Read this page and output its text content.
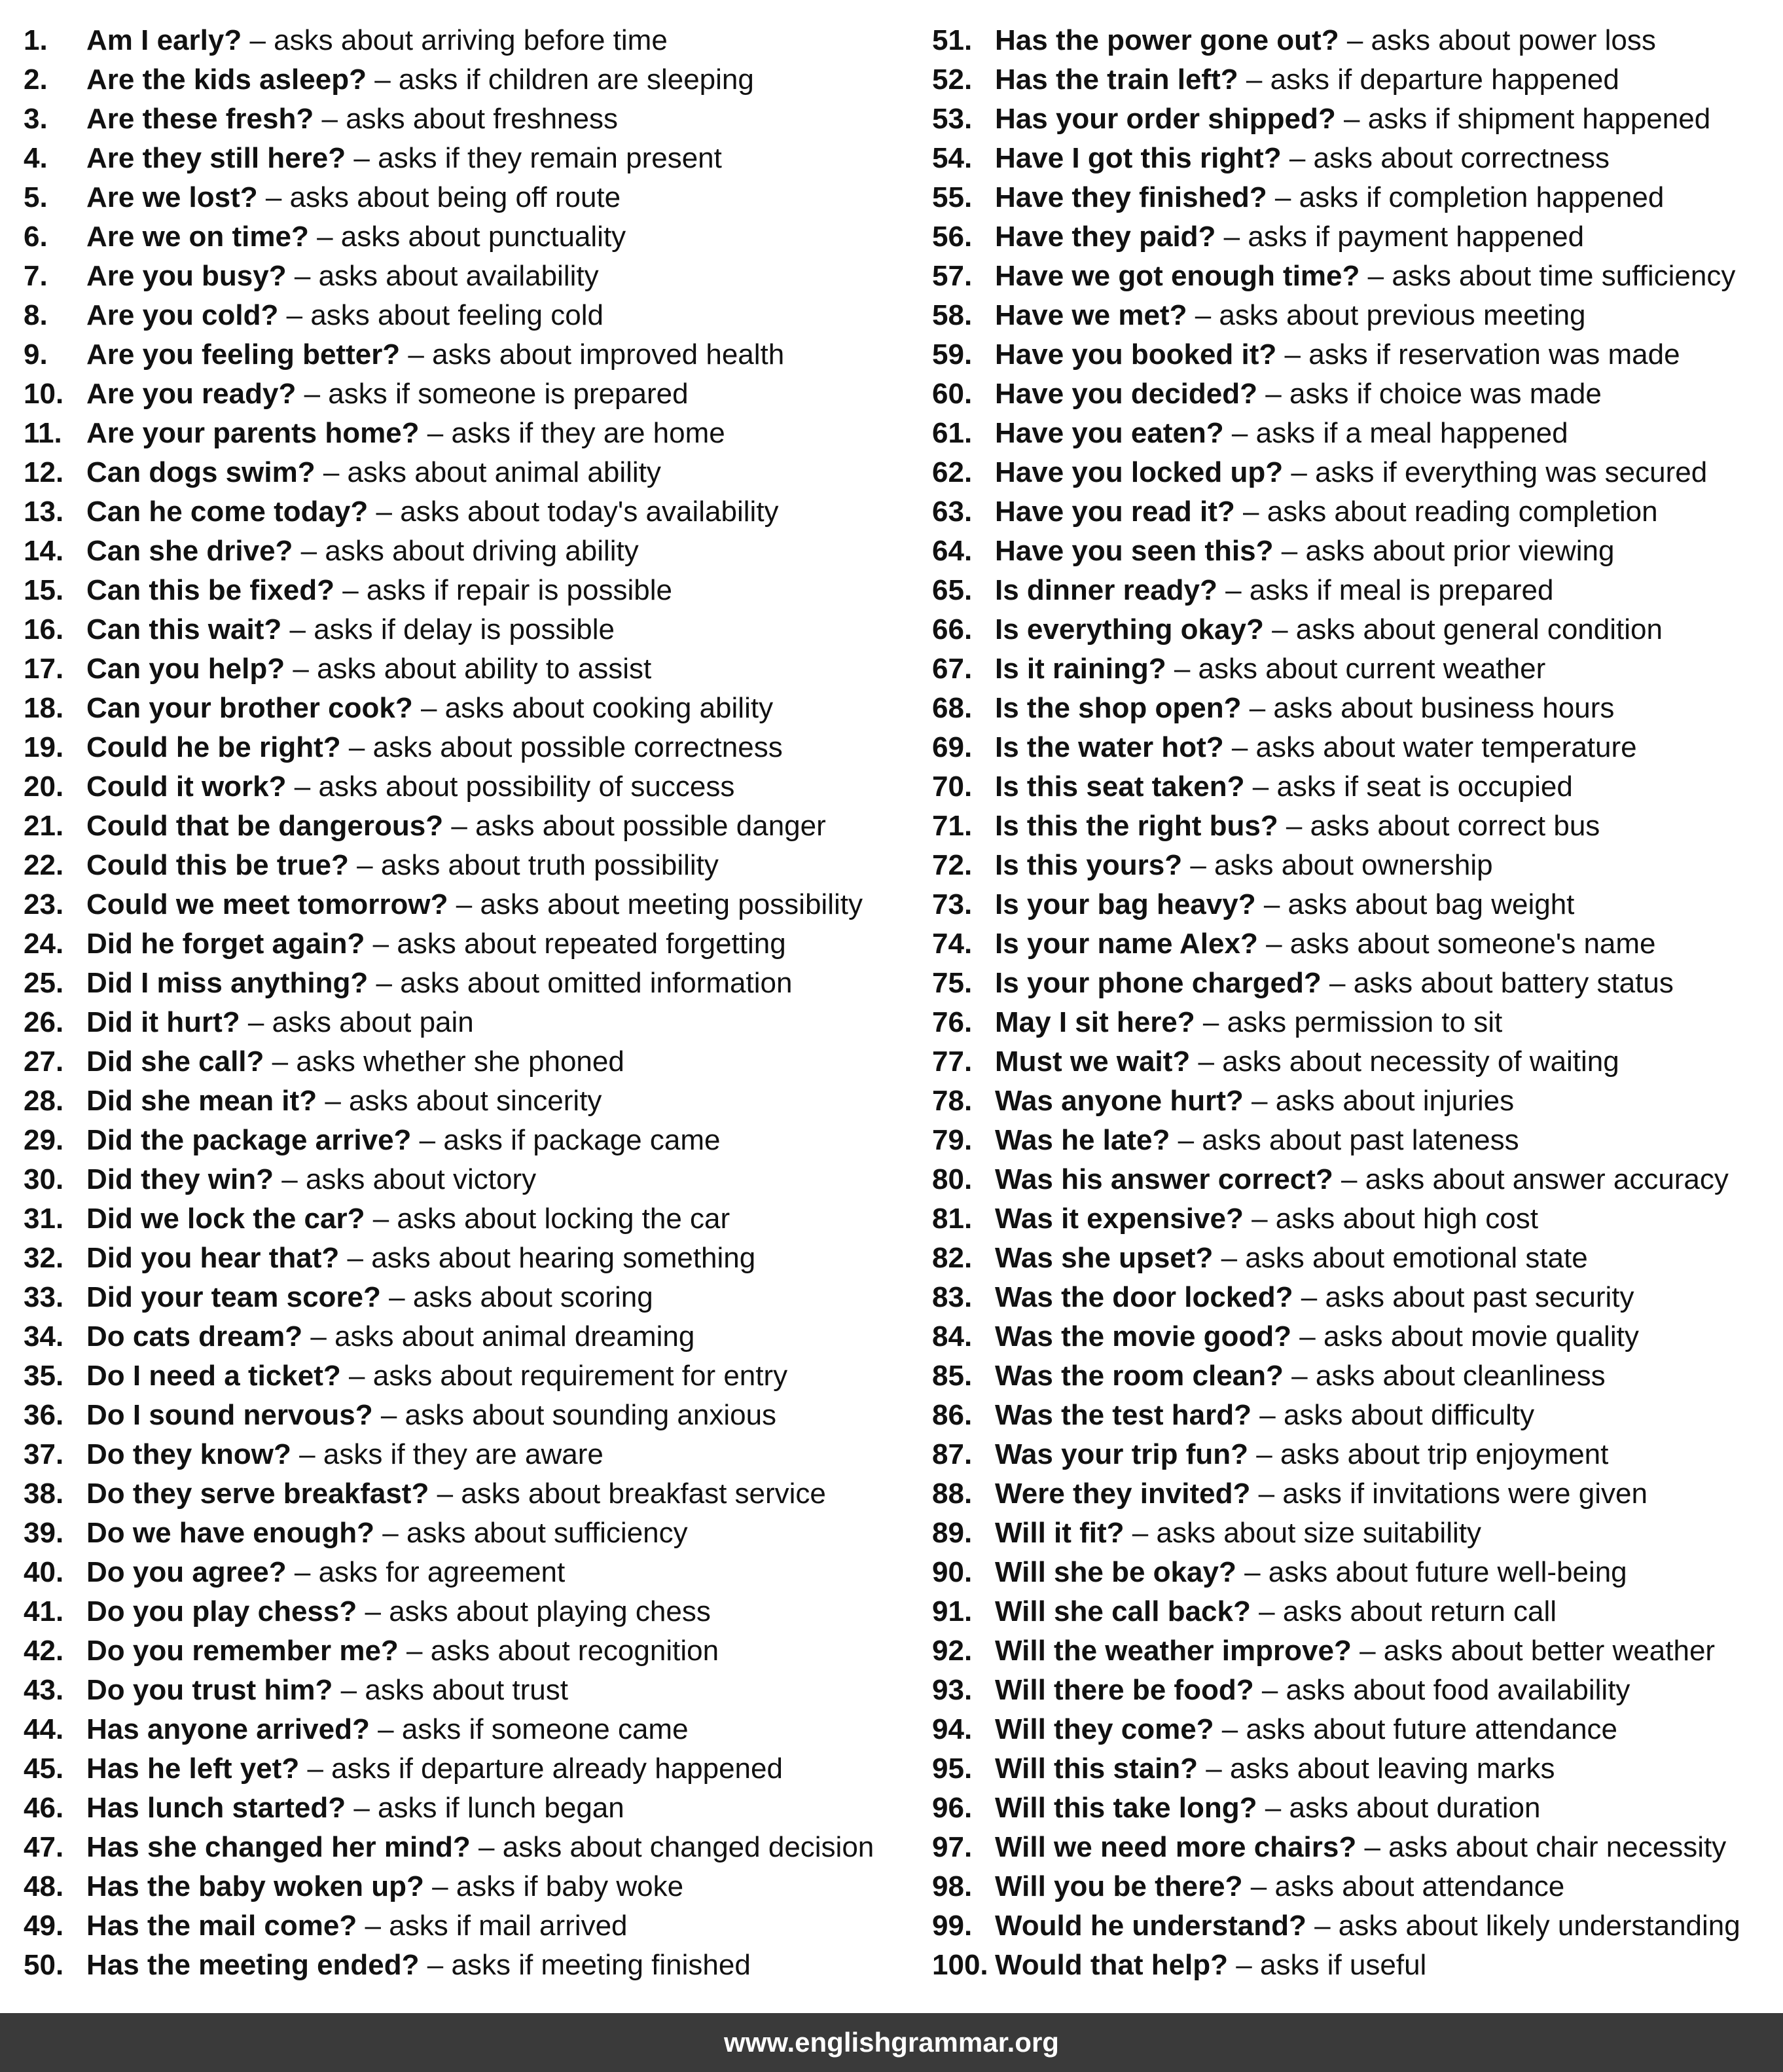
1. Am I early? – asks about arriving before time
2. Are the kids asleep? – asks if children are sleeping
3. Are these fresh? – asks about freshness
4. Are they still here? – asks if they remain present
5. Are we lost? – asks about being off route
6. Are we on time? – asks about punctuality
7. Are you busy? – asks about availability
8. Are you cold? – asks about feeling cold
9. Are you feeling better? – asks about improved health
10. Are you ready? – asks if someone is prepared
11. Are your parents home? – asks if they are home
12. Can dogs swim? – asks about animal ability
13. Can he come today? – asks about today's availability
14. Can she drive? – asks about driving ability
15. Can this be fixed? – asks if repair is possible
16. Can this wait? – asks if delay is possible
17. Can you help? – asks about ability to assist
18. Can your brother cook? – asks about cooking ability
19. Could he be right? – asks about possible correctness
20. Could it work? – asks about possibility of success
21. Could that be dangerous? – asks about possible danger
22. Could this be true? – asks about truth possibility
23. Could we meet tomorrow? – asks about meeting possibility
24. Did he forget again? – asks about repeated forgetting
25. Did I miss anything? – asks about omitted information
26. Did it hurt? – asks about pain
27. Did she call? – asks whether she phoned
28. Did she mean it? – asks about sincerity
29. Did the package arrive? – asks if package came
30. Did they win? – asks about victory
31. Did we lock the car? – asks about locking the car
32. Did you hear that? – asks about hearing something
33. Did your team score? – asks about scoring
34. Do cats dream? – asks about animal dreaming
35. Do I need a ticket? – asks about requirement for entry
36. Do I sound nervous? – asks about sounding anxious
37. Do they know? – asks if they are aware
38. Do they serve breakfast? – asks about breakfast service
39. Do we have enough? – asks about sufficiency
40. Do you agree? – asks for agreement
41. Do you play chess? – asks about playing chess
42. Do you remember me? – asks about recognition
43. Do you trust him? – asks about trust
44. Has anyone arrived? – asks if someone came
45. Has he left yet? – asks if departure already happened
46. Has lunch started? – asks if lunch began
47. Has she changed her mind? – asks about changed decision
48. Has the baby woken up? – asks if baby woke
49. Has the mail come? – asks if mail arrived
50. Has the meeting ended? – asks if meeting finished
51. Has the power gone out? – asks about power loss
52. Has the train left? – asks if departure happened
53. Has your order shipped? – asks if shipment happened
54. Have I got this right? – asks about correctness
55. Have they finished? – asks if completion happened
56. Have they paid? – asks if payment happened
57. Have we got enough time? – asks about time sufficiency
58. Have we met? – asks about previous meeting
59. Have you booked it? – asks if reservation was made
60. Have you decided? – asks if choice was made
61. Have you eaten? – asks if a meal happened
62. Have you locked up? – asks if everything was secured
63. Have you read it? – asks about reading completion
64. Have you seen this? – asks about prior viewing
65. Is dinner ready? – asks if meal is prepared
66. Is everything okay? – asks about general condition
67. Is it raining? – asks about current weather
68. Is the shop open? – asks about business hours
69. Is the water hot? – asks about water temperature
70. Is this seat taken? – asks if seat is occupied
71. Is this the right bus? – asks about correct bus
72. Is this yours? – asks about ownership
73. Is your bag heavy? – asks about bag weight
74. Is your name Alex? – asks about someone's name
75. Is your phone charged? – asks about battery status
76. May I sit here? – asks permission to sit
77. Must we wait? – asks about necessity of waiting
78. Was anyone hurt? – asks about injuries
79. Was he late? – asks about past lateness
80. Was his answer correct? – asks about answer accuracy
81. Was it expensive? – asks about high cost
82. Was she upset? – asks about emotional state
83. Was the door locked? – asks about past security
84. Was the movie good? – asks about movie quality
85. Was the room clean? – asks about cleanliness
86. Was the test hard? – asks about difficulty
87. Was your trip fun? – asks about trip enjoyment
88. Were they invited? – asks if invitations were given
89. Will it fit? – asks about size suitability
90. Will she be okay? – asks about future well-being
91. Will she call back? – asks about return call
92. Will the weather improve? – asks about better weather
93. Will there be food? – asks about food availability
94. Will they come? – asks about future attendance
95. Will this stain? – asks about leaving marks
96. Will this take long? – asks about duration
97. Will we need more chairs? – asks about chair necessity
98. Will you be there? – asks about attendance
99. Would he understand? – asks about likely understanding
100. Would that help? – asks if useful
www.englishgrammar.org
